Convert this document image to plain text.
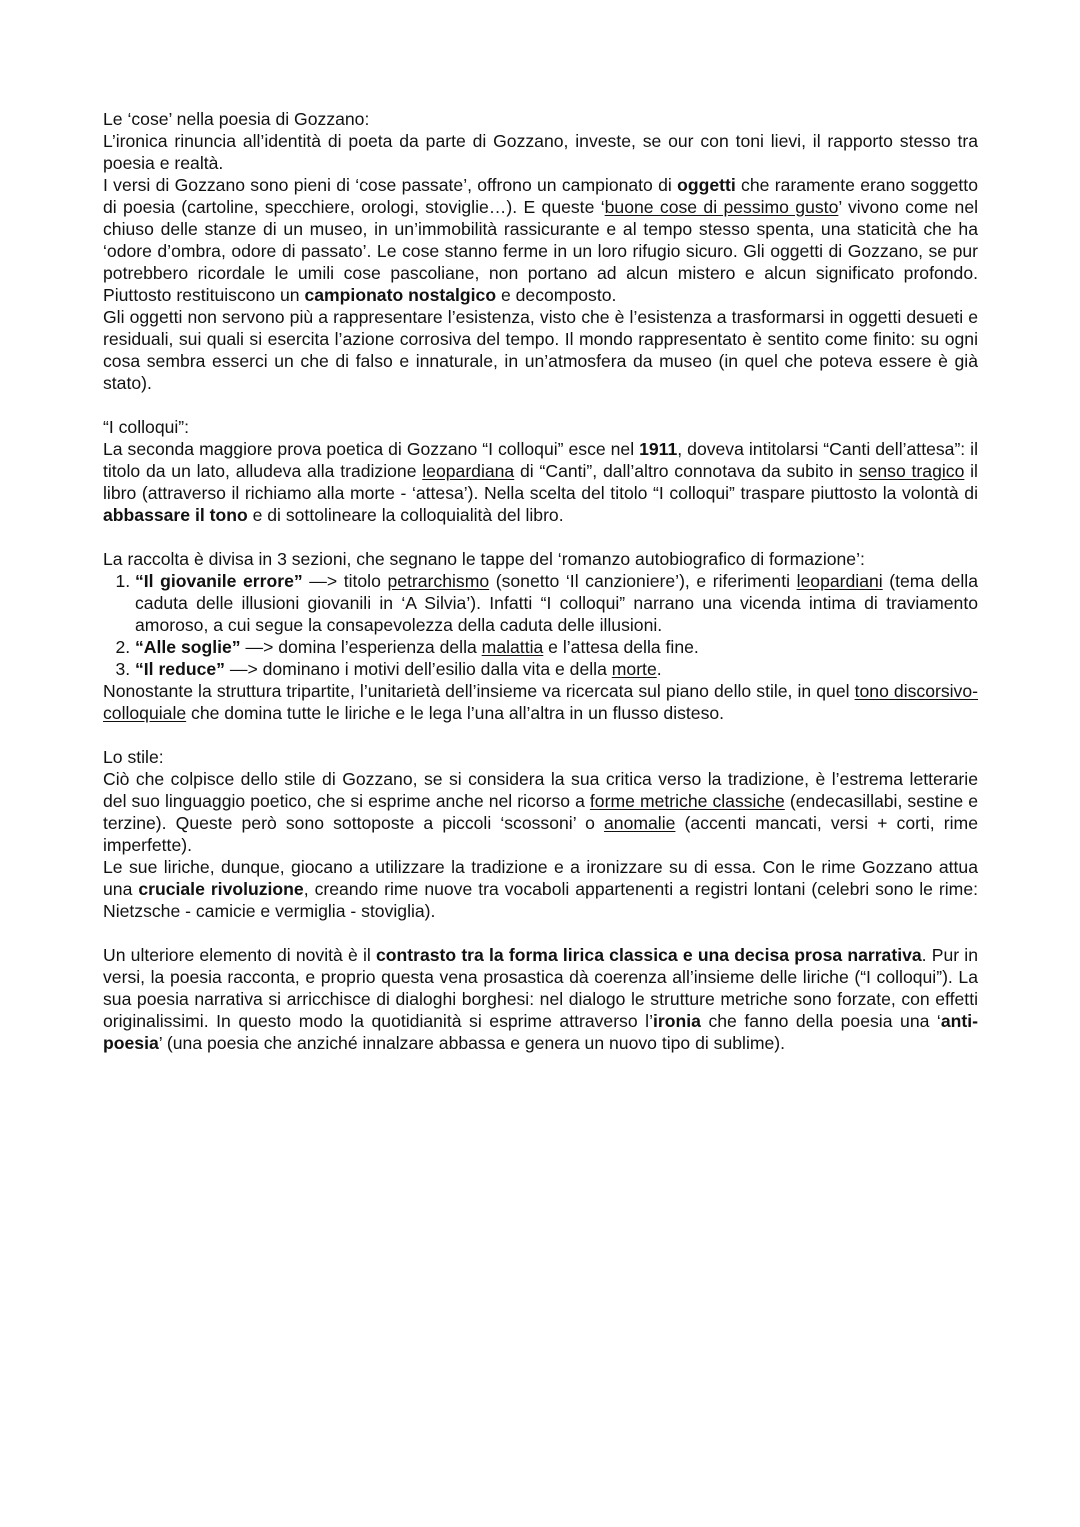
Le ‘cose’ nella poesia di Gozzano:

L’ironica rinuncia all’identità di poeta da parte di Gozzano, investe, se our con toni lievi, il rapporto stesso tra poesia e realtà.

I versi di Gozzano sono pieni di ‘cose passate’, offrono un campionato di oggetti che raramente erano soggetto di poesia (cartoline, specchiere, orologi, stoviglie…). E queste ‘buone cose di pessimo gusto’ vivono come nel chiuso delle stanze di un museo, in un’immobilità rassicurante e al tempo stesso spenta, una staticità che ha ‘odore d’ombra, odore di passato’. Le cose stanno ferme in un loro rifugio sicuro. Gli oggetti di Gozzano, se pur potrebbero ricordale le umili cose pascoliane, non portano ad alcun mistero e alcun significato profondo. Piuttosto restituiscono un campionato nostalgico e decomposto.

Gli oggetti non servono più a rappresentare l’esistenza, visto che è l’esistenza a trasformarsi in oggetti desueti e residuali, sui quali si esercita l’azione corrosiva del tempo. Il mondo rappresentato è sentito come finito: su ogni cosa sembra esserci un che di falso e innaturale, in un’atmosfera da museo (in quel che poteva essere è già stato).

“I colloqui”:

La seconda maggiore prova poetica di Gozzano “I colloqui” esce nel 1911, doveva intitolarsi “Canti dell’attesa”: il titolo da un lato, alludeva alla tradizione leopardiana di “Canti”, dall’altro connotava da subito in senso tragico il libro (attraverso il richiamo alla morte - ‘attesa’). Nella scelta del titolo “I colloqui” traspare piuttosto la volontà di abbassare il tono e di sottolineare la colloquialità del libro.

La raccolta è divisa in 3 sezioni, che segnano le tappe del ‘romanzo autobiografico di formazione’:

1. “Il giovanile errore” —> titolo petrarchismo (sonetto ‘Il canzioniere’), e riferimenti leopardiani (tema della caduta delle illusioni giovanili in ‘A Silvia’). Infatti “I colloqui” narrano una vicenda intima di traviamento amoroso, a cui segue la consapevolezza della caduta delle illusioni.
2. “Alle soglie” —> domina l’esperienza della malattia e l’attesa della fine.
3. “Il reduce” —> dominano i motivi dell’esilio dalla vita e della morte.

Nonostante la struttura tripartite, l’unitarietà dell’insieme va ricercata sul piano dello stile, in quel tono discorsivo-colloquiale che domina tutte le liriche e le lega l’una all’altra in un flusso disteso.

Lo stile:

Ciò che colpisce dello stile di Gozzano, se si considera la sua critica verso la tradizione, è l’estrema letterarie del suo linguaggio poetico, che si esprime anche nel ricorso a forme metriche classiche (endecasillabi, sestine e terzine). Queste però sono sottoposte a piccoli ‘scossoni’ o anomalie (accenti mancati, versi + corti, rime imperfette).

Le sue liriche, dunque, giocano a utilizzare la tradizione e a ironizzare su di essa. Con le rime Gozzano attua una cruciale rivoluzione, creando rime nuove tra vocaboli appartenenti a registri lontani (celebri sono le rime: Nietzsche - camicie e vermiglia - stoviglia).

Un ulteriore elemento di novità è il contrasto tra la forma lirica classica e una decisa prosa narrativa. Pur in versi, la poesia racconta, e proprio questa vena prosastica dà coerenza all’insieme delle liriche (“I colloqui”). La sua poesia narrativa si arricchisce di dialoghi borghesi: nel dialogo le strutture metriche sono forzate, con effetti originalissimi. In questo modo la quotidianità si esprime attraverso l’ironia che fanno della poesia una ‘anti-poesia’ (una poesia che anziché innalzare abbassa e genera un nuovo tipo di sublime).
